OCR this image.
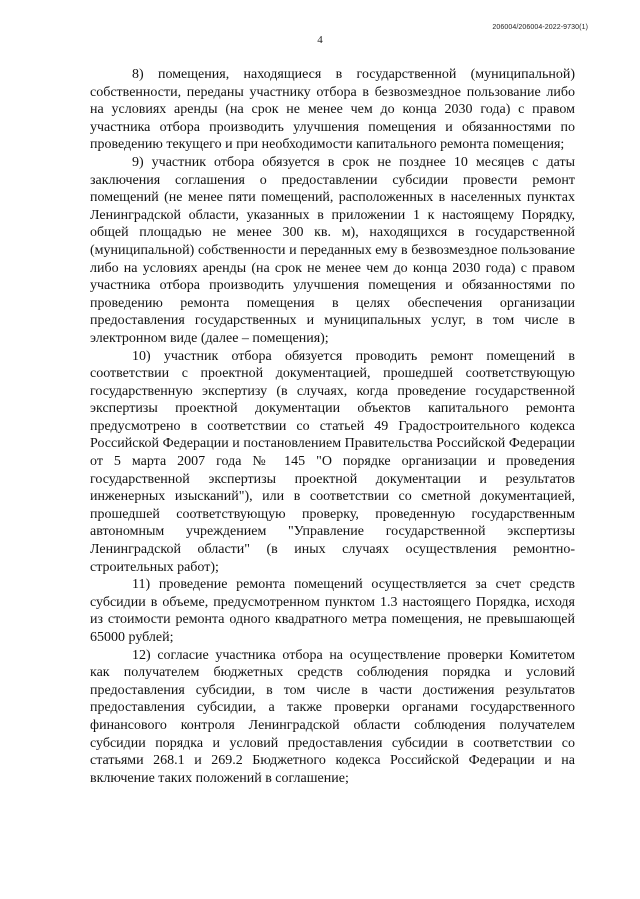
206004/206004-2022-9730(1)
4

8) помещения, находящиеся в государственной (муниципальной) собственности, переданы участнику отбора в безвозмездное пользование либо на условиях аренды (на срок не менее чем до конца 2030 года) с правом участника отбора производить улучшения помещения и обязанностями по проведению текущего и при необходимости капитального ремонта помещения;

9) участник отбора обязуется в срок не позднее 10 месяцев с даты заключения соглашения о предоставлении субсидии провести ремонт помещений (не менее пяти помещений, расположенных в населенных пунктах Ленинградской области, указанных в приложении 1 к настоящему Порядку, общей площадью не менее 300 кв. м), находящихся в государственной (муниципальной) собственности и переданных ему в безвозмездное пользование либо на условиях аренды (на срок не менее чем до конца 2030 года) с правом участника отбора производить улучшения помещения и обязанностями по проведению ремонта помещения в целях обеспечения организации предоставления государственных и муниципальных услуг, в том числе в электронном виде (далее – помещения);

10) участник отбора обязуется проводить ремонт помещений в соответствии с проектной документацией, прошедшей соответствующую государственную экспертизу (в случаях, когда проведение государственной экспертизы проектной документации объектов капитального ремонта предусмотрено в соответствии со статьей 49 Градостроительного кодекса Российской Федерации и постановлением Правительства Российской Федерации от 5 марта 2007 года № 145 "О порядке организации и проведения государственной экспертизы проектной документации и результатов инженерных изысканий"), или в соответствии со сметной документацией, прошедшей соответствующую проверку, проведенную государственным автономным учреждением "Управление государственной экспертизы Ленинградской области" (в иных случаях осуществления ремонтно-строительных работ);

11) проведение ремонта помещений осуществляется за счет средств субсидии в объеме, предусмотренном пунктом 1.3 настоящего Порядка, исходя из стоимости ремонта одного квадратного метра помещения, не превышающей 65000 рублей;

12) согласие участника отбора на осуществление проверки Комитетом как получателем бюджетных средств соблюдения порядка и условий предоставления субсидии, в том числе в части достижения результатов предоставления субсидии, а также проверки органами государственного финансового контроля Ленинградской области соблюдения получателем субсидии порядка и условий предоставления субсидии в соответствии со статьями 268.1 и 269.2 Бюджетного кодекса Российской Федерации и на включение таких положений в соглашение;
